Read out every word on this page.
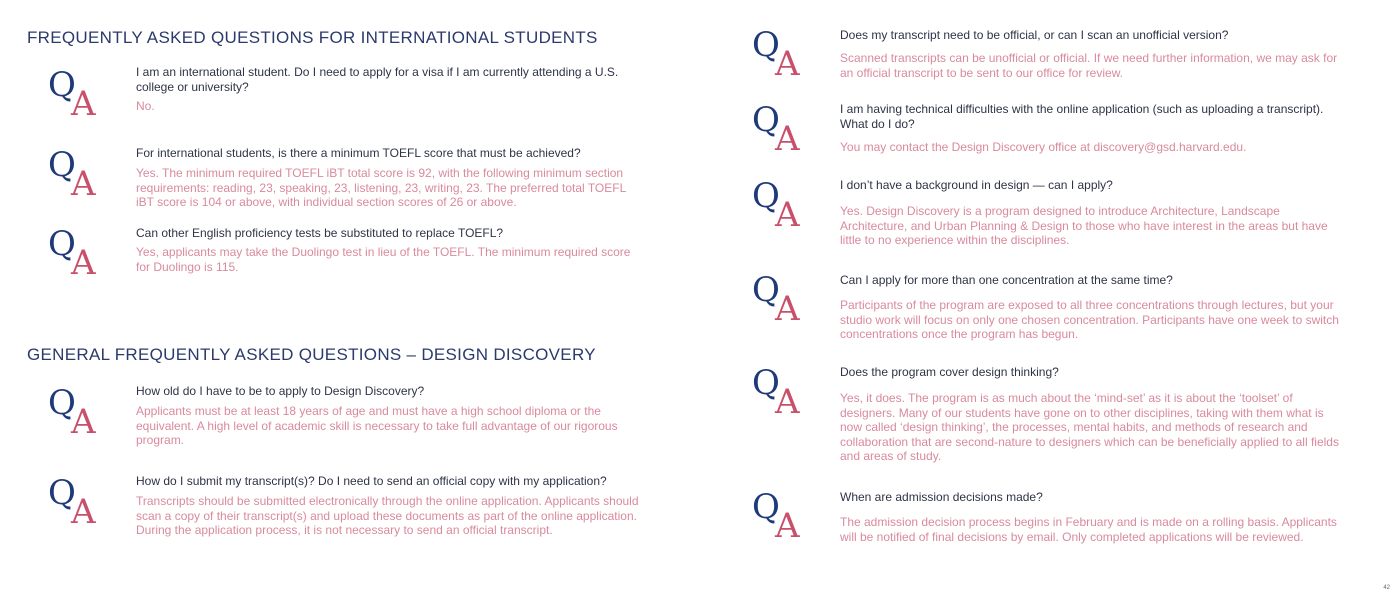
FREQUENTLY ASKED QUESTIONS FOR INTERNATIONAL STUDENTS
GENERAL FREQUENTLY ASKED QUESTIONS – DESIGN DISCOVERY
Q
A

I am an international student. Do I need to apply for a visa if I am currently attending a U.S. college or university?

No.

Q
A

For international students, is there a minimum TOEFL score that must be achieved?

Yes. The minimum required TOEFL iBT total score is 92, with the following minimum section requirements: reading, 23, speaking, 23, listening, 23, writing, 23. The preferred total TOEFL iBT score is 104 or above, with individual section scores of 26 or above.

Q
A

Can other English proficiency tests be substituted to replace TOEFL?

Yes, applicants may take the Duolingo test in lieu of the TOEFL. The minimum required score for Duolingo is 115.

Q
A

How old do I have to be to apply to Design Discovery?

Applicants must be at least 18 years of age and must have a high school diploma or the equivalent. A high level of academic skill is necessary to take full advantage of our rigorous program.

Q
A

How do I submit my transcript(s)? Do I need to send an official copy with my application?

Transcripts should be submitted electronically through the online application. Applicants should scan a copy of their transcript(s) and upload these documents as part of the online application. During the application process, it is not necessary to send an official transcript.

Q
A

Does my transcript need to be official, or can I scan an unofficial version?

Scanned transcripts can be unofficial or official. If we need further information, we may ask for an official transcript to be sent to our office for review.

Q
A

I am having technical difficulties with the online application (such as uploading a transcript). What do I do?

You may contact the Design Discovery office at discovery@gsd.harvard.edu.

Q
A

I don’t have a background in design — can I apply?

Yes. Design Discovery is a program designed to introduce Architecture, Landscape Architecture, and Urban Planning & Design to those who have interest in the areas but have little to no experience within the disciplines.

Q
A

Can I apply for more than one concentration at the same time?

Participants of the program are exposed to all three concentrations through lectures, but your studio work will focus on only one chosen concentration. Participants have one week to switch concentrations once the program has begun.

Q
A

Does the program cover design thinking?

Yes, it does. The program is as much about the ‘mind-set’ as it is about the ‘toolset’ of designers. Many of our students have gone on to other disciplines, taking with them what is now called ‘design thinking’, the processes, mental habits, and methods of research and collaboration that are second-nature to designers which can be beneficially applied to all fields and areas of study.

Q
A

When are admission decisions made?

The admission decision process begins in February and is made on a rolling basis. Applicants will be notified of final decisions by email. Only completed applications will be reviewed.

42
